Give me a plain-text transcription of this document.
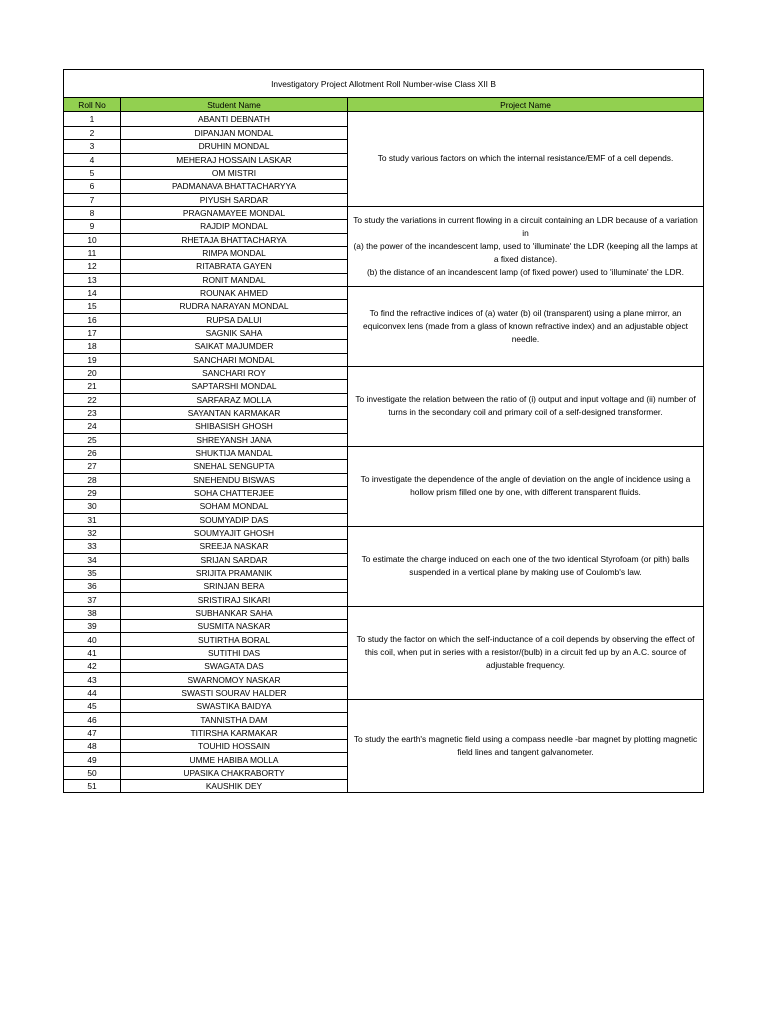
Investigatory Project Allotment Roll Number-wise Class XII B		
Roll No	Student Name	Project Name
1	ABANTI DEBNATH	To study various factors on which the internal resistance/EMF of a cell depends.

2	DIPANJAN MONDAL	
3	DRUHIN MONDAL	
4	MEHERAJ HOSSAIN LASKAR	
5	OM MISTRI	
6	PADMANAVA BHATTACHARYYA	
7	PIYUSH SARDAR	
8	PRAGNAMAYEE MONDAL	To study the variations in current flowing in a circuit containing an LDR because of a variation in
(a) the power of the incandescent lamp, used to 'illuminate' the LDR (keeping all the lamps at a fixed distance).
(b) the distance of an incandescent lamp (of fixed power) used to 'illuminate' the LDR.

9	RAJDIP MONDAL	
10	RHETAJA BHATTACHARYA	
11	RIMPA MONDAL	
12	RITABRATA GAYEN	
13	RONIT MANDAL	
14	ROUNAK AHMED	To find the refractive indices of (a) water (b) oil (transparent) using a plane mirror, an equiconvex lens (made from a glass of known refractive index) and an adjustable object needle.

15	RUDRA NARAYAN MONDAL	
16	RUPSA DALUI	
17	SAGNIK SAHA	
18	SAIKAT MAJUMDER	
19	SANCHARI MONDAL	
20	SANCHARI ROY	To investigate the relation between the ratio of (i) output and input voltage and (ii) number of turns in the secondary coil and primary coil of a self-designed transformer.

21	SAPTARSHI MONDAL	
22	SARFARAZ MOLLA	
23	SAYANTAN KARMAKAR	
24	SHIBASISH GHOSH	
25	SHREYANSH JANA	
26	SHUKTIJA MANDAL	To investigate the dependence of the angle of deviation on the angle of incidence using a hollow prism filled one by one, with different transparent fluids.

27	SNEHAL SENGUPTA	
28	SNEHENDU BISWAS	
29	SOHA CHATTERJEE	
30	SOHAM MONDAL	
31	SOUMYADIP DAS	
32	SOUMYAJIT GHOSH	To estimate the charge induced on each one of the two identical Styrofoam (or pith) balls suspended in a vertical plane by making use of Coulomb's law.

33	SREEJA NASKAR	
34	SRIJAN SARDAR	
35	SRIJITA PRAMANIK	
36	SRINJAN BERA	
37	SRISTIRAJ SIKARI	
38	SUBHANKAR SAHA	To study the factor on which the self-inductance of a coil depends by observing the effect of this coil, when put in series with a resistor/(bulb) in a circuit fed up by an A.C. source of adjustable frequency.

39	SUSMITA NASKAR	
40	SUTIRTHA BORAL	
41	SUTITHI DAS	
42	SWAGATA DAS	
43	SWARNOMOY NASKAR	
44	SWASTI SOURAV HALDER	
45	SWASTIKA BAIDYA	To study the earth's magnetic field using a compass needle -bar magnet by plotting magnetic field lines and tangent galvanometer.

46	TANNISTHA DAM	
47	TITIRSHA KARMAKAR	
48	TOUHID HOSSAIN	
49	UMME HABIBA MOLLA	
50	UPASIKA CHAKRABORTY	
51	KAUSHIK DEY	
